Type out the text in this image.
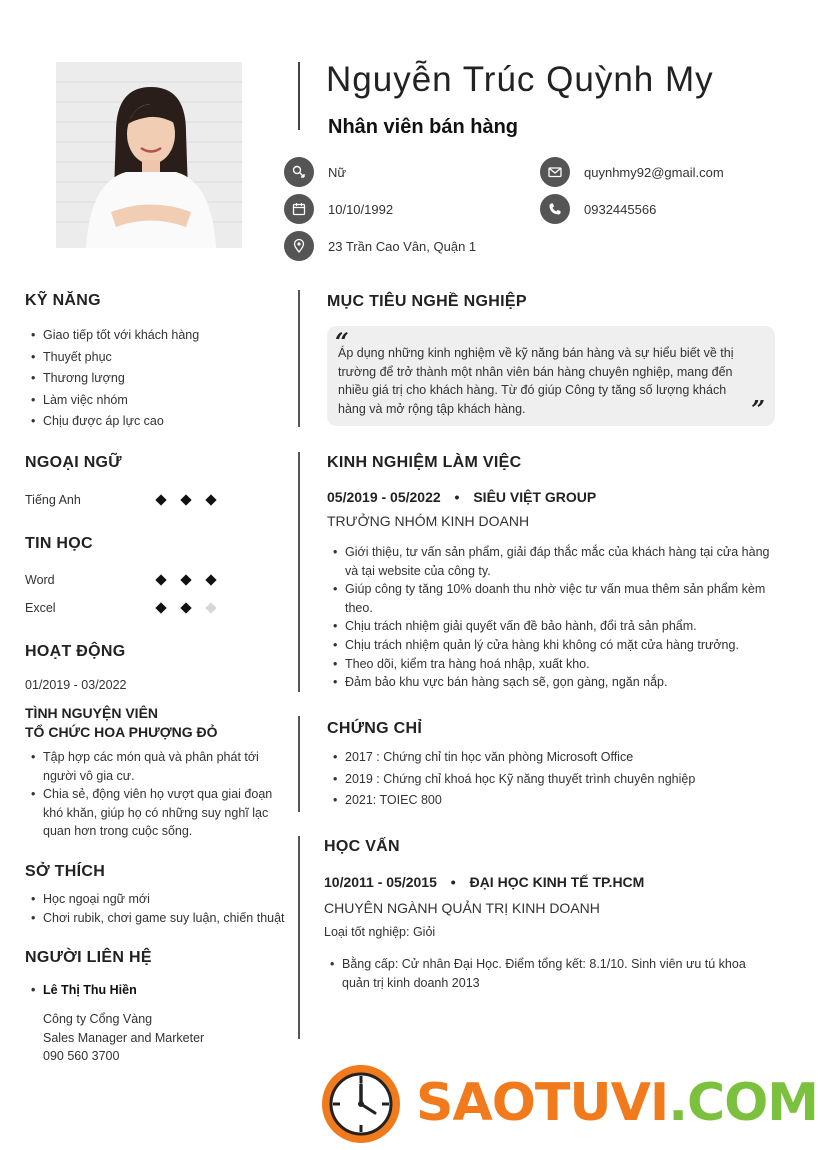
Nguyễn Trúc Quỳnh My
Nhân viên bán hàng
Nữ
10/10/1992
23 Trần Cao Vân, Quận 1
quynhmy92@gmail.com
0932445566
KỸ NĂNG
• Giao tiếp tốt với khách hàng
• Thuyết phục
• Thương lượng
• Làm việc nhóm
• Chịu được áp lực cao
NGOẠI NGỮ
Tiếng Anh
TIN HỌC
Word
Excel
HOẠT ĐỘNG
01/2019 - 03/2022
TÌNH NGUYỆN VIÊN
TỔ CHỨC HOA PHƯỢNG ĐỎ
• Tập hợp các món quà và phân phát tới người vô gia cư.
• Chia sẻ, động viên họ vượt qua giai đoạn khó khăn, giúp họ có những suy nghĩ lạc quan hơn trong cuộc sống.
SỞ THÍCH
• Học ngoại ngữ mới
• Chơi rubik, chơi game suy luận, chiến thuật
NGƯỜI LIÊN HỆ
• Lê Thị Thu Hiền
Công ty Cổng Vàng
Sales Manager and Marketer
090 560 3700
MỤC TIÊU NGHỀ NGHIỆP
“
Áp dụng những kinh nghiệm về kỹ năng bán hàng và sự hiểu biết về thị trường để trở thành một nhân viên bán hàng chuyên nghiệp, mang đến nhiều giá trị cho khách hàng. Từ đó giúp Công ty tăng số lượng khách hàng và mở rộng tập khách hàng.	”
KINH NGHIỆM LÀM VIỆC
05/2019 - 05/2022 • SIÊU VIỆT GROUP
TRƯỞNG NHÓM KINH DOANH
• Giới thiệu, tư vấn sản phẩm, giải đáp thắc mắc của khách hàng tại cửa hàng và tại website của công ty.
• Giúp công ty tăng 10% doanh thu nhờ việc tư vấn mua thêm sản phẩm kèm theo.
• Chịu trách nhiệm giải quyết vấn đề bảo hành, đổi trả sản phẩm.
• Chịu trách nhiệm quản lý cửa hàng khi không có mặt cửa hàng trưởng.
• Theo dõi, kiểm tra hàng hoá nhập, xuất kho.
• Đảm bảo khu vực bán hàng sạch sẽ, gọn gàng, ngăn nắp.
CHỨNG CHỈ
• 2017 : Chứng chỉ tin học văn phòng Microsoft Office
• 2019 : Chứng chỉ khoá học Kỹ năng thuyết trình chuyên nghiệp
• 2021: TOIEC 800
HỌC VẤN
10/2011 - 05/2015 • ĐẠI HỌC KINH TẾ TP.HCM
CHUYÊN NGÀNH QUẢN TRỊ KINH DOANH
Loại tốt nghiệp: Giỏi
• Bằng cấp: Cử nhân Đại Học. Điểm tổng kết: 8.1/10. Sinh viên ưu tú khoa quản trị kinh doanh 2013
SAOTUVI.COM
